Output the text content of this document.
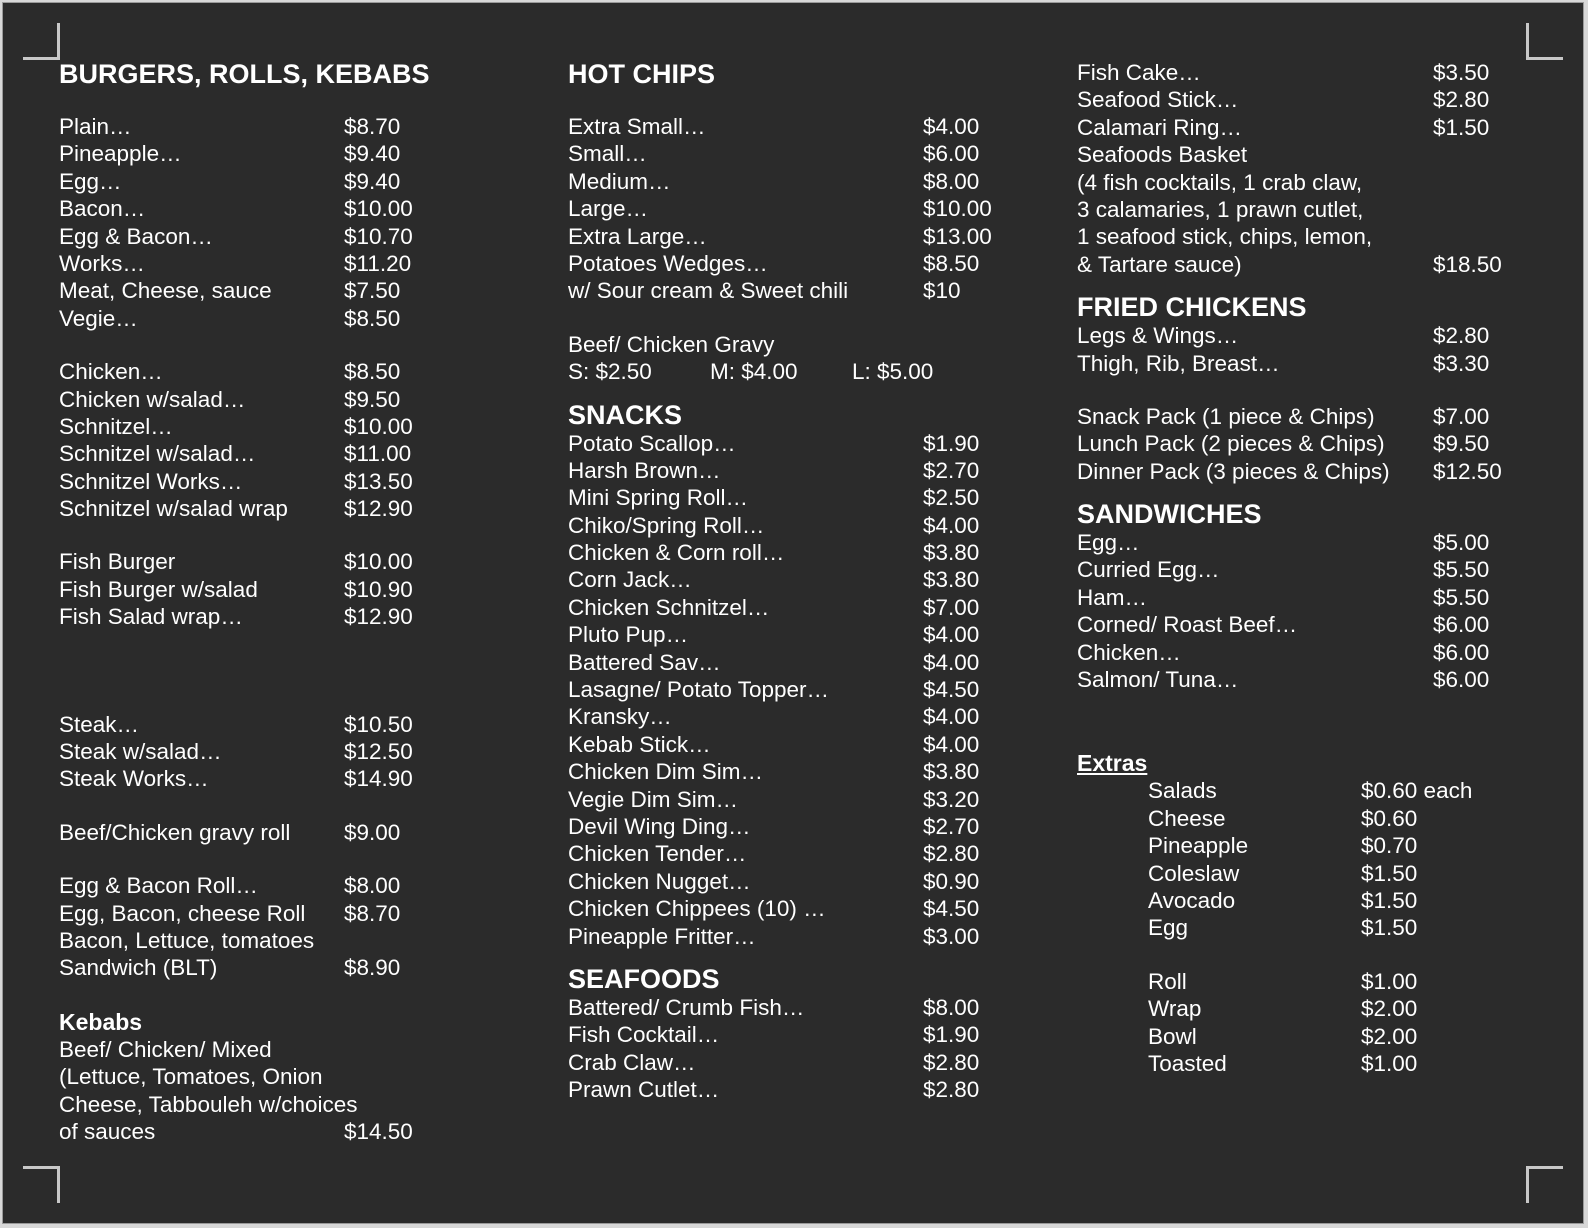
BURGERS, ROLLS, KEBABS
Plain…	$8.70
Pineapple…	$9.40
Egg…	$9.40
Bacon…	$10.00
Egg & Bacon…	$10.70
Works…	$11.20
Meat, Cheese, sauce	$7.50
Vegie…	$8.50
Chicken…	$8.50
Chicken w/salad…	$9.50
Schnitzel…	$10.00
Schnitzel w/salad…	$11.00
Schnitzel Works…	$13.50
Schnitzel w/salad wrap $12.90
Fish Burger	$10.00
Fish Burger w/salad	$10.90
Fish Salad wrap…	$12.90
Steak…	$10.50
Steak w/salad…	$12.50
Steak Works…	$14.90
Beef/Chicken gravy roll $9.00
Egg & Bacon Roll…	$8.00
Egg, Bacon, cheese Roll $8.70
Bacon, Lettuce, tomatoes
Sandwich (BLT)	$8.90
Kebabs
Beef/ Chicken/ Mixed
(Lettuce, Tomatoes, Onion
Cheese, Tabbouleh w/choices
of sauces	$14.50
HOT CHIPS
Extra Small…	$4.00
Small…	$6.00
Medium…	$8.00
Large…	$10.00
Extra Large…	$13.00
Potatoes Wedges…	$8.50
w/ Sour cream & Sweet chili	$10
Beef/ Chicken Gravy
S: $2.50	M: $4.00 L: $5.00
SNACKS
Potato Scallop…	$1.90
Harsh Brown…	$2.70
Mini Spring Roll…	$2.50
Chiko/Spring Roll…	$4.00
Chicken & Corn roll…	$3.80
Corn Jack…	$3.80
Chicken Schnitzel…	$7.00
Pluto Pup…	$4.00
Battered Sav…	$4.00
Lasagne/ Potato Topper…	$4.50
Kransky…	$4.00
Kebab Stick…	$4.00
Chicken Dim Sim…	$3.80
Vegie Dim Sim…	$3.20
Devil Wing Ding…	$2.70
Chicken Tender…	$2.80
Chicken Nugget…	$0.90
Chicken Chippees (10) …	$4.50
Pineapple Fritter…	$3.00
SEAFOODS
Battered/ Crumb Fish…	$8.00
Fish Cocktail…	$1.90
Crab Claw…	$2.80
Prawn Cutlet…	$2.80
Fish Cake…	$3.50
Seafood Stick…	$2.80
Calamari Ring…	$1.50
Seafoods Basket
(4 fish cocktails, 1 crab claw,
3 calamaries, 1 prawn cutlet,
1 seafood stick, chips, lemon,
& Tartare sauce)	$18.50
FRIED CHICKENS
Legs & Wings…	$2.80
Thigh, Rib, Breast…	$3.30
Snack Pack (1 piece & Chips)	$7.00
Lunch Pack (2 pieces & Chips) $9.50
Dinner Pack (3 pieces & Chips) $12.50
SANDWICHES
Egg…	$5.00
Curried Egg…	$5.50
Ham…	$5.50
Corned/ Roast Beef…	$6.00
Chicken…	$6.00
Salmon/ Tuna…	$6.00
Extras
Salads	$0.60 each
Cheese	$0.60
Pineapple	$0.70
Coleslaw	$1.50
Avocado	$1.50
Egg	$1.50
Roll	$1.00
Wrap	$2.00
Bowl	$2.00
Toasted	$1.00
